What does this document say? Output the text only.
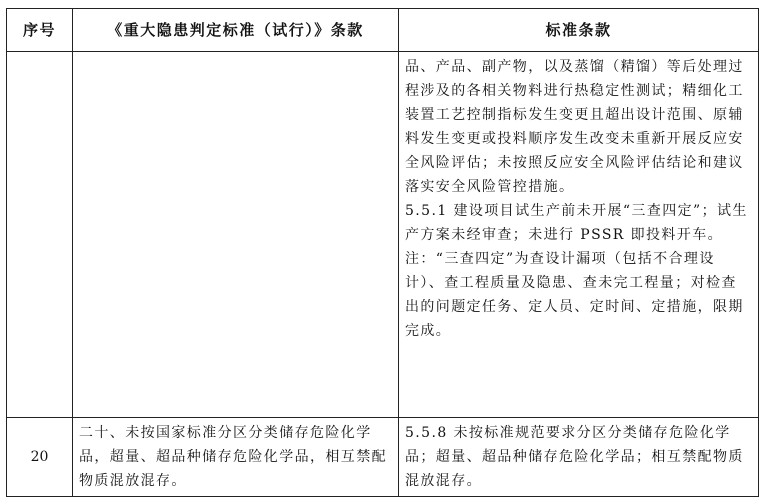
序号	《重大隐患判定标准（试行）》条款	标准条款

		品、产品、副产物，以及蒸馏（精馏）等后处理过程涉及的各相关物料进行热稳定性测试；精细化工装置工艺控制指标发生变更且超出设计范围、原辅料发生变更或投料顺序发生改变未重新开展反应安全风险评估；未按照反应安全风险评估结论和建议落实安全风险管控措施。

5.5.1 建设项目试生产前未开展“三查四定”；试生产方案未经审查；未进行 PSSR 即投料开车。

注：“三查四定”为查设计漏项（包括不合理设计）、查工程质量及隐患、查未完工程量；对检查出的问题定任务、定人员、定时间、定措施，限期完成。

20	二十、未按国家标准分区分类储存危险化学品，超量、超品种储存危险化学品，相互禁配物质混放混存。	5.5.8 未按标准规范要求分区分类储存危险化学品；超量、超品种储存危险化学品；相互禁配物质混放混存。
